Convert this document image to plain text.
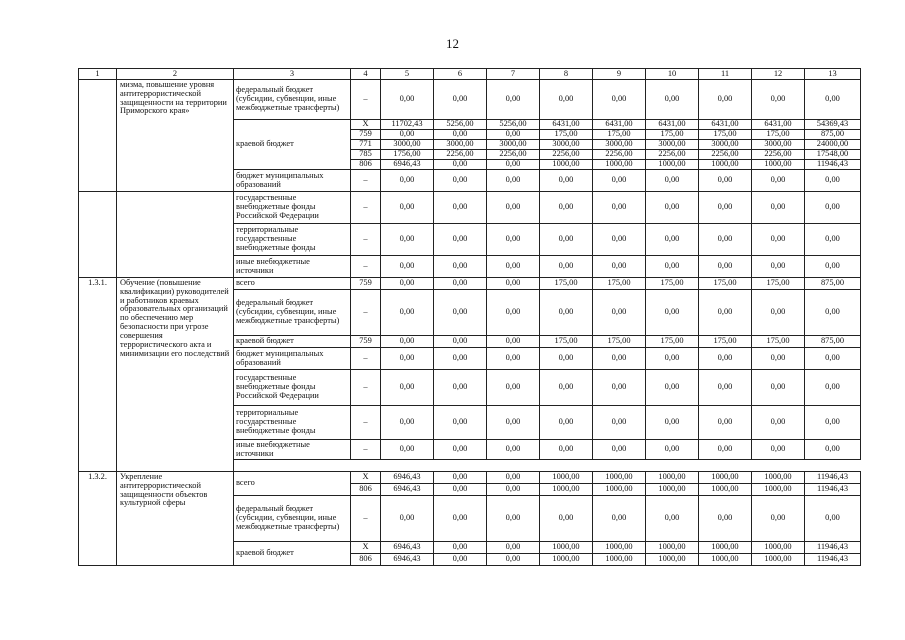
12
1	2	3	4	5	6	7	8	9	10	11	12	13
	мизма, повышение уровня антитеррористической защищенности на территории Приморского края»	федеральный бюджет (субсидии, субвенции, иные межбюджетные трансферты)	–	0,00	0,00	0,00	0,00	0,00	0,00	0,00	0,00	0,00
		краевой бюджет	Х	11702,43	5256,00	5256,00	6431,00	6431,00	6431,00	6431,00	6431,00	54369,43
			759	0,00	0,00	0,00	175,00	175,00	175,00	175,00	175,00	875,00
			771	3000,00	3000,00	3000,00	3000,00	3000,00	3000,00	3000,00	3000,00	24000,00
			785	1756,00	2256,00	2256,00	2256,00	2256,00	2256,00	2256,00	2256,00	17548,00
			806	6946,43	0,00	0,00	1000,00	1000,00	1000,00	1000,00	1000,00	11946,43
		бюджет муниципальных образований	–	0,00	0,00	0,00	0,00	0,00	0,00	0,00	0,00	0,00
		государственные внебюджетные фонды Российской Федерации	–	0,00	0,00	0,00	0,00	0,00	0,00	0,00	0,00	0,00
		территориальные государственные внебюджетные фонды	–	0,00	0,00	0,00	0,00	0,00	0,00	0,00	0,00	0,00
		иные внебюджетные источники	–	0,00	0,00	0,00	0,00	0,00	0,00	0,00	0,00	0,00
1.3.1.	Обучение (повышение квалификации) руководителей и работников краевых образовательных организаций по обеспечению мер безопасности при угрозе совершения террористического акта и минимизации его последствий	всего	759	0,00	0,00	0,00	175,00	175,00	175,00	175,00	175,00	875,00
		федеральный бюджет (субсидии, субвенции, иные межбюджетные трансферты)	–	0,00	0,00	0,00	0,00	0,00	0,00	0,00	0,00	0,00
		краевой бюджет	759	0,00	0,00	0,00	175,00	175,00	175,00	175,00	175,00	875,00
		бюджет муниципальных образований	–	0,00	0,00	0,00	0,00	0,00	0,00	0,00	0,00	0,00
		государственные внебюджетные фонды Российской Федерации	–	0,00	0,00	0,00	0,00	0,00	0,00	0,00	0,00	0,00
		территориальные государственные внебюджетные фонды	–	0,00	0,00	0,00	0,00	0,00	0,00	0,00	0,00	0,00
		иные внебюджетные источники	–	0,00	0,00	0,00	0,00	0,00	0,00	0,00	0,00	0,00

1.3.2.	Укрепление антитеррористической защищенности объектов культурной сферы	всего	Х	6946,43	0,00	0,00	1000,00	1000,00	1000,00	1000,00	1000,00	11946,43
			806	6946,43	0,00	0,00	1000,00	1000,00	1000,00	1000,00	1000,00	11946,43
		федеральный бюджет (субсидии, субвенции, иные межбюджетные трансферты)	–	0,00	0,00	0,00	0,00	0,00	0,00	0,00	0,00	0,00
		краевой бюджет	Х	6946,43	0,00	0,00	1000,00	1000,00	1000,00	1000,00	1000,00	11946,43
			806	6946,43	0,00	0,00	1000,00	1000,00	1000,00	1000,00	1000,00	11946,43
